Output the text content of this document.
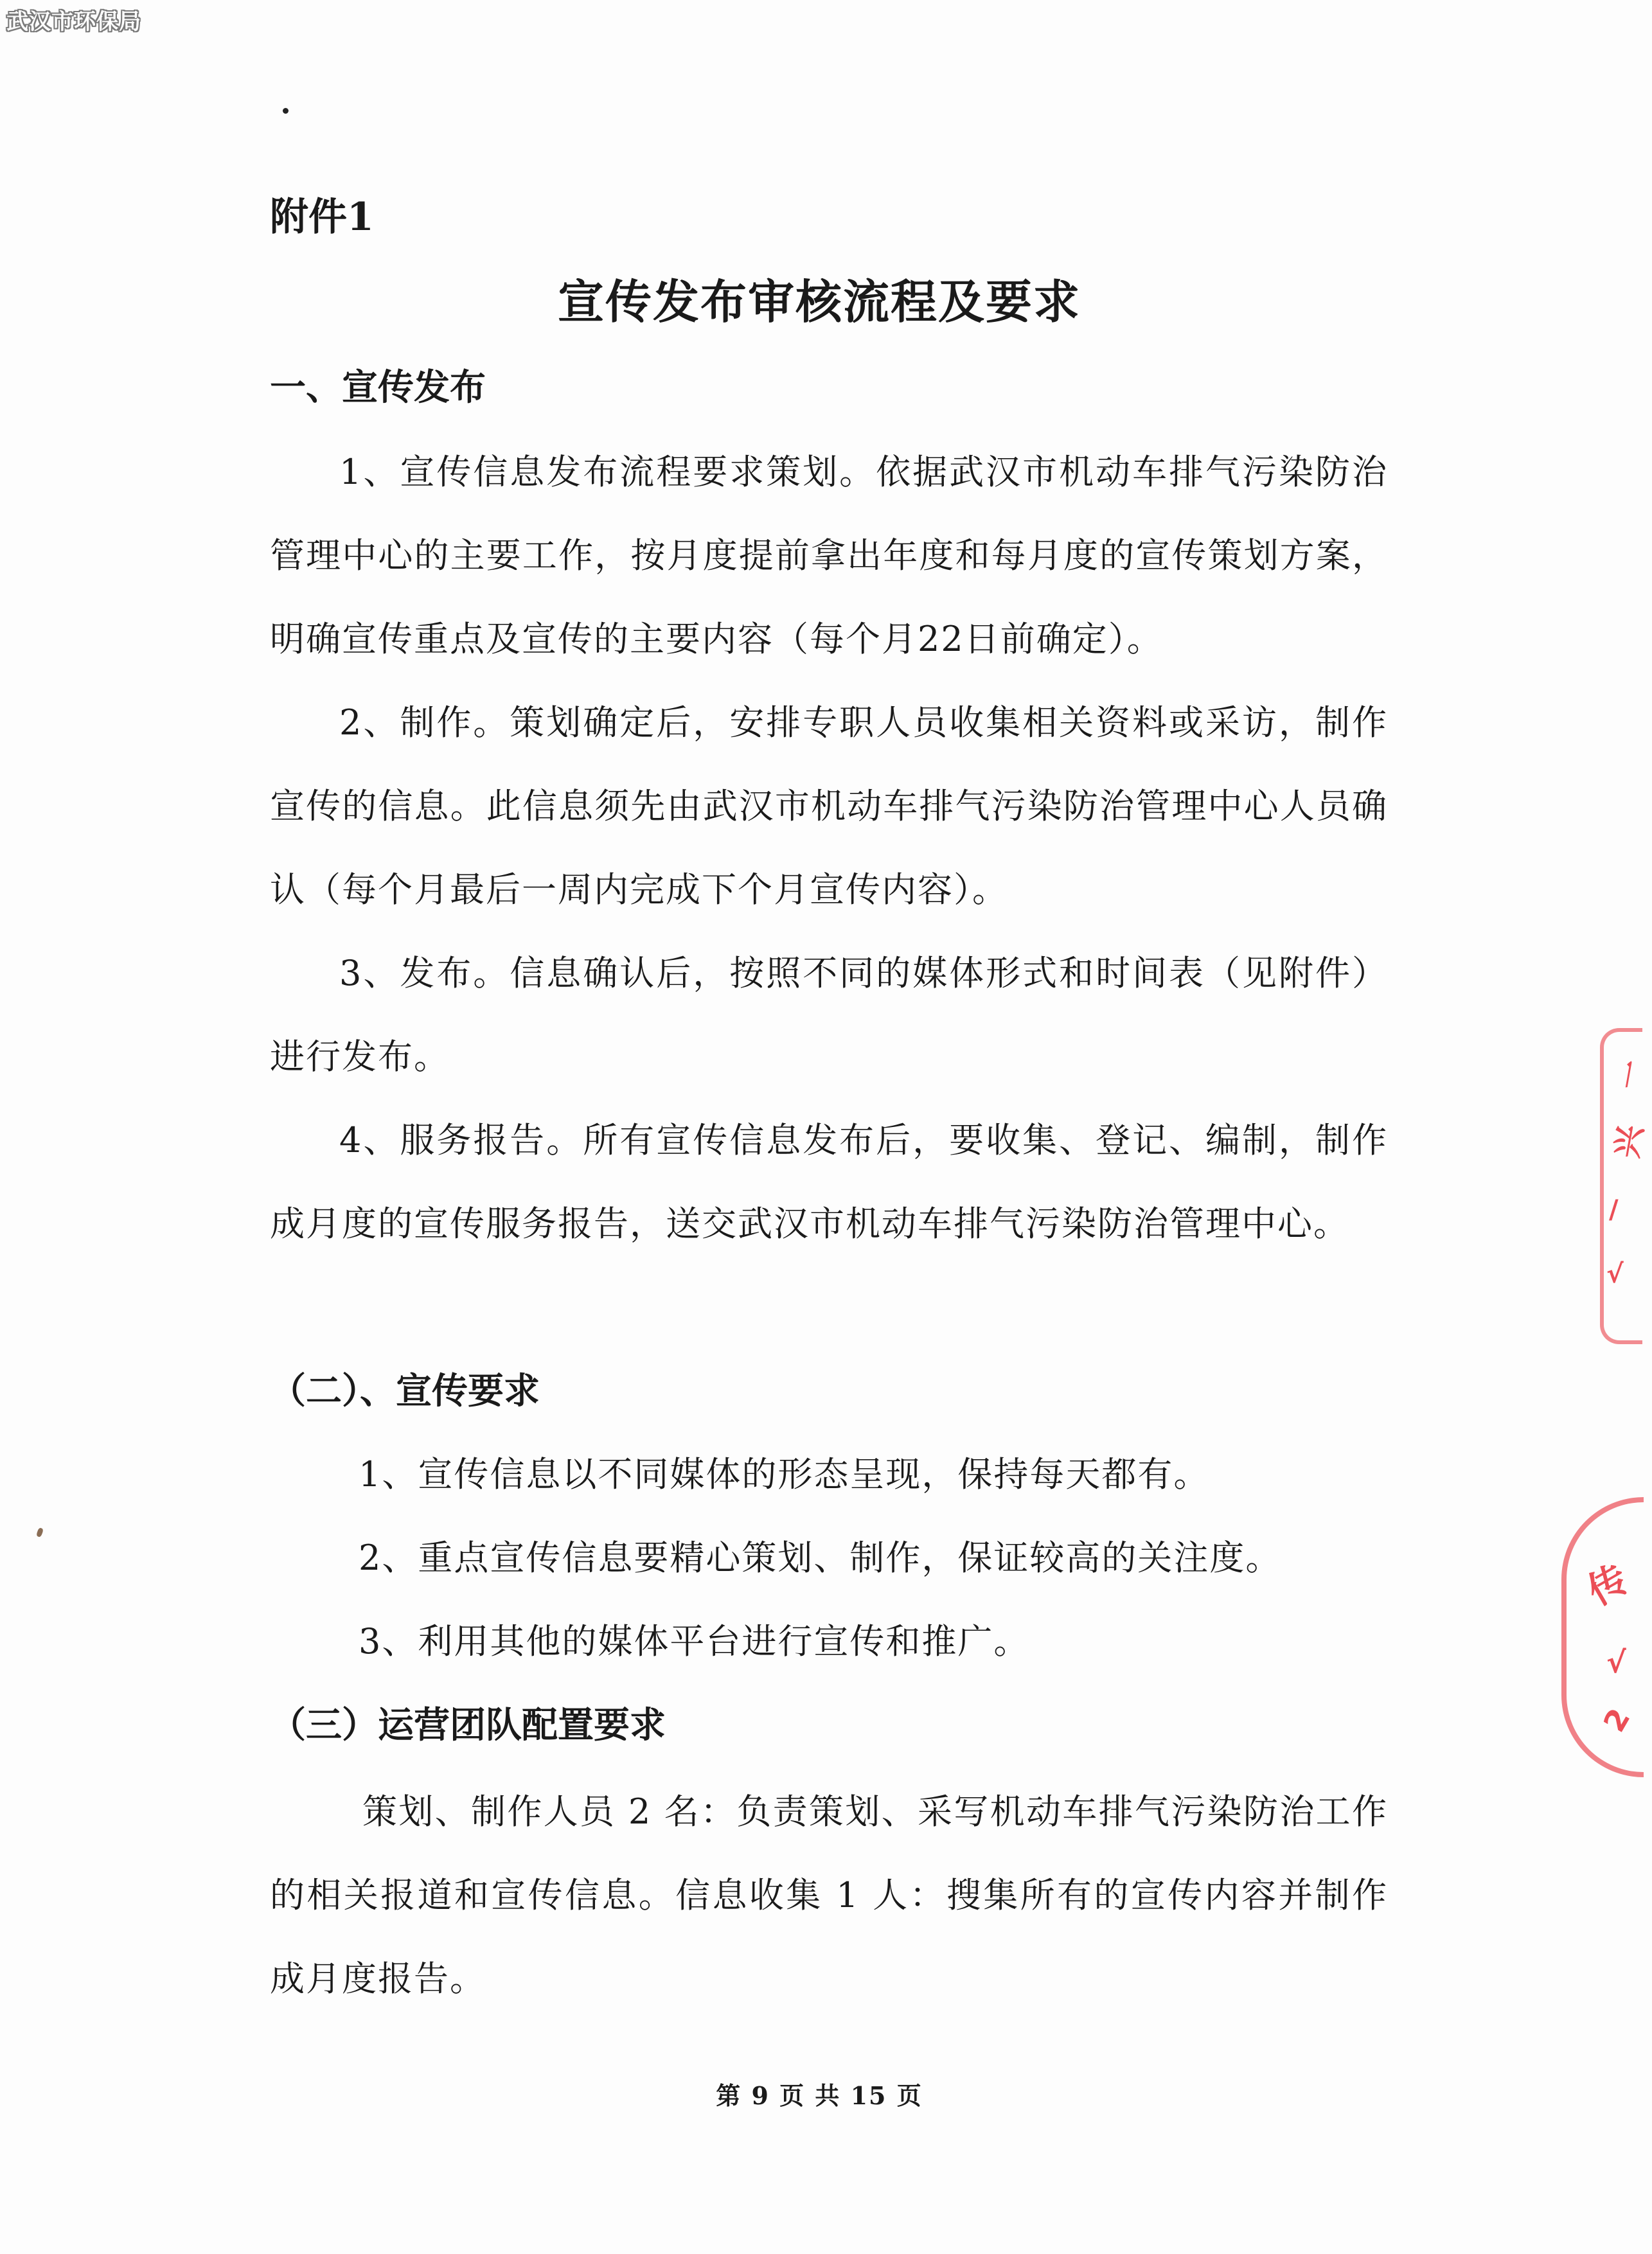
武汉市环保局
附件1
宣传发布审核流程及要求
一、宣传发布
1、宣传信息发布流程要求策划。依据武汉市机动车排气污染防治管理中心的主要工作，按月度提前拿出年度和每月度的宣传策划方案，明确宣传重点及宣传的主要内容（每个月22日前确定）。
2、制作。策划确定后，安排专职人员收集相关资料或采访，制作宣传的信息。此信息须先由武汉市机动车排气污染防治管理中心人员确认（每个月最后一周内完成下个月宣传内容）。
3、发布。信息确认后，按照不同的媒体形式和时间表（见附件）进行发布。
4、服务报告。所有宣传信息发布后，要收集、登记、编制，制作成月度的宣传服务报告，送交武汉市机动车排气污染防治管理中心。
（二）、宣传要求
1、宣传信息以不同媒体的形态呈现，保持每天都有。
2、重点宣传信息要精心策划、制作，保证较高的关注度。
3、利用其他的媒体平台进行宣传和推广。
（三）运营团队配置要求
策划、制作人员 2 名：负责策划、采写机动车排气污染防治工作的相关报道和宣传信息。信息收集 1 人：搜集所有的宣传内容并制作成月度报告。
第 9 页 共 15 页
一
兴
/
√
传
√
2
